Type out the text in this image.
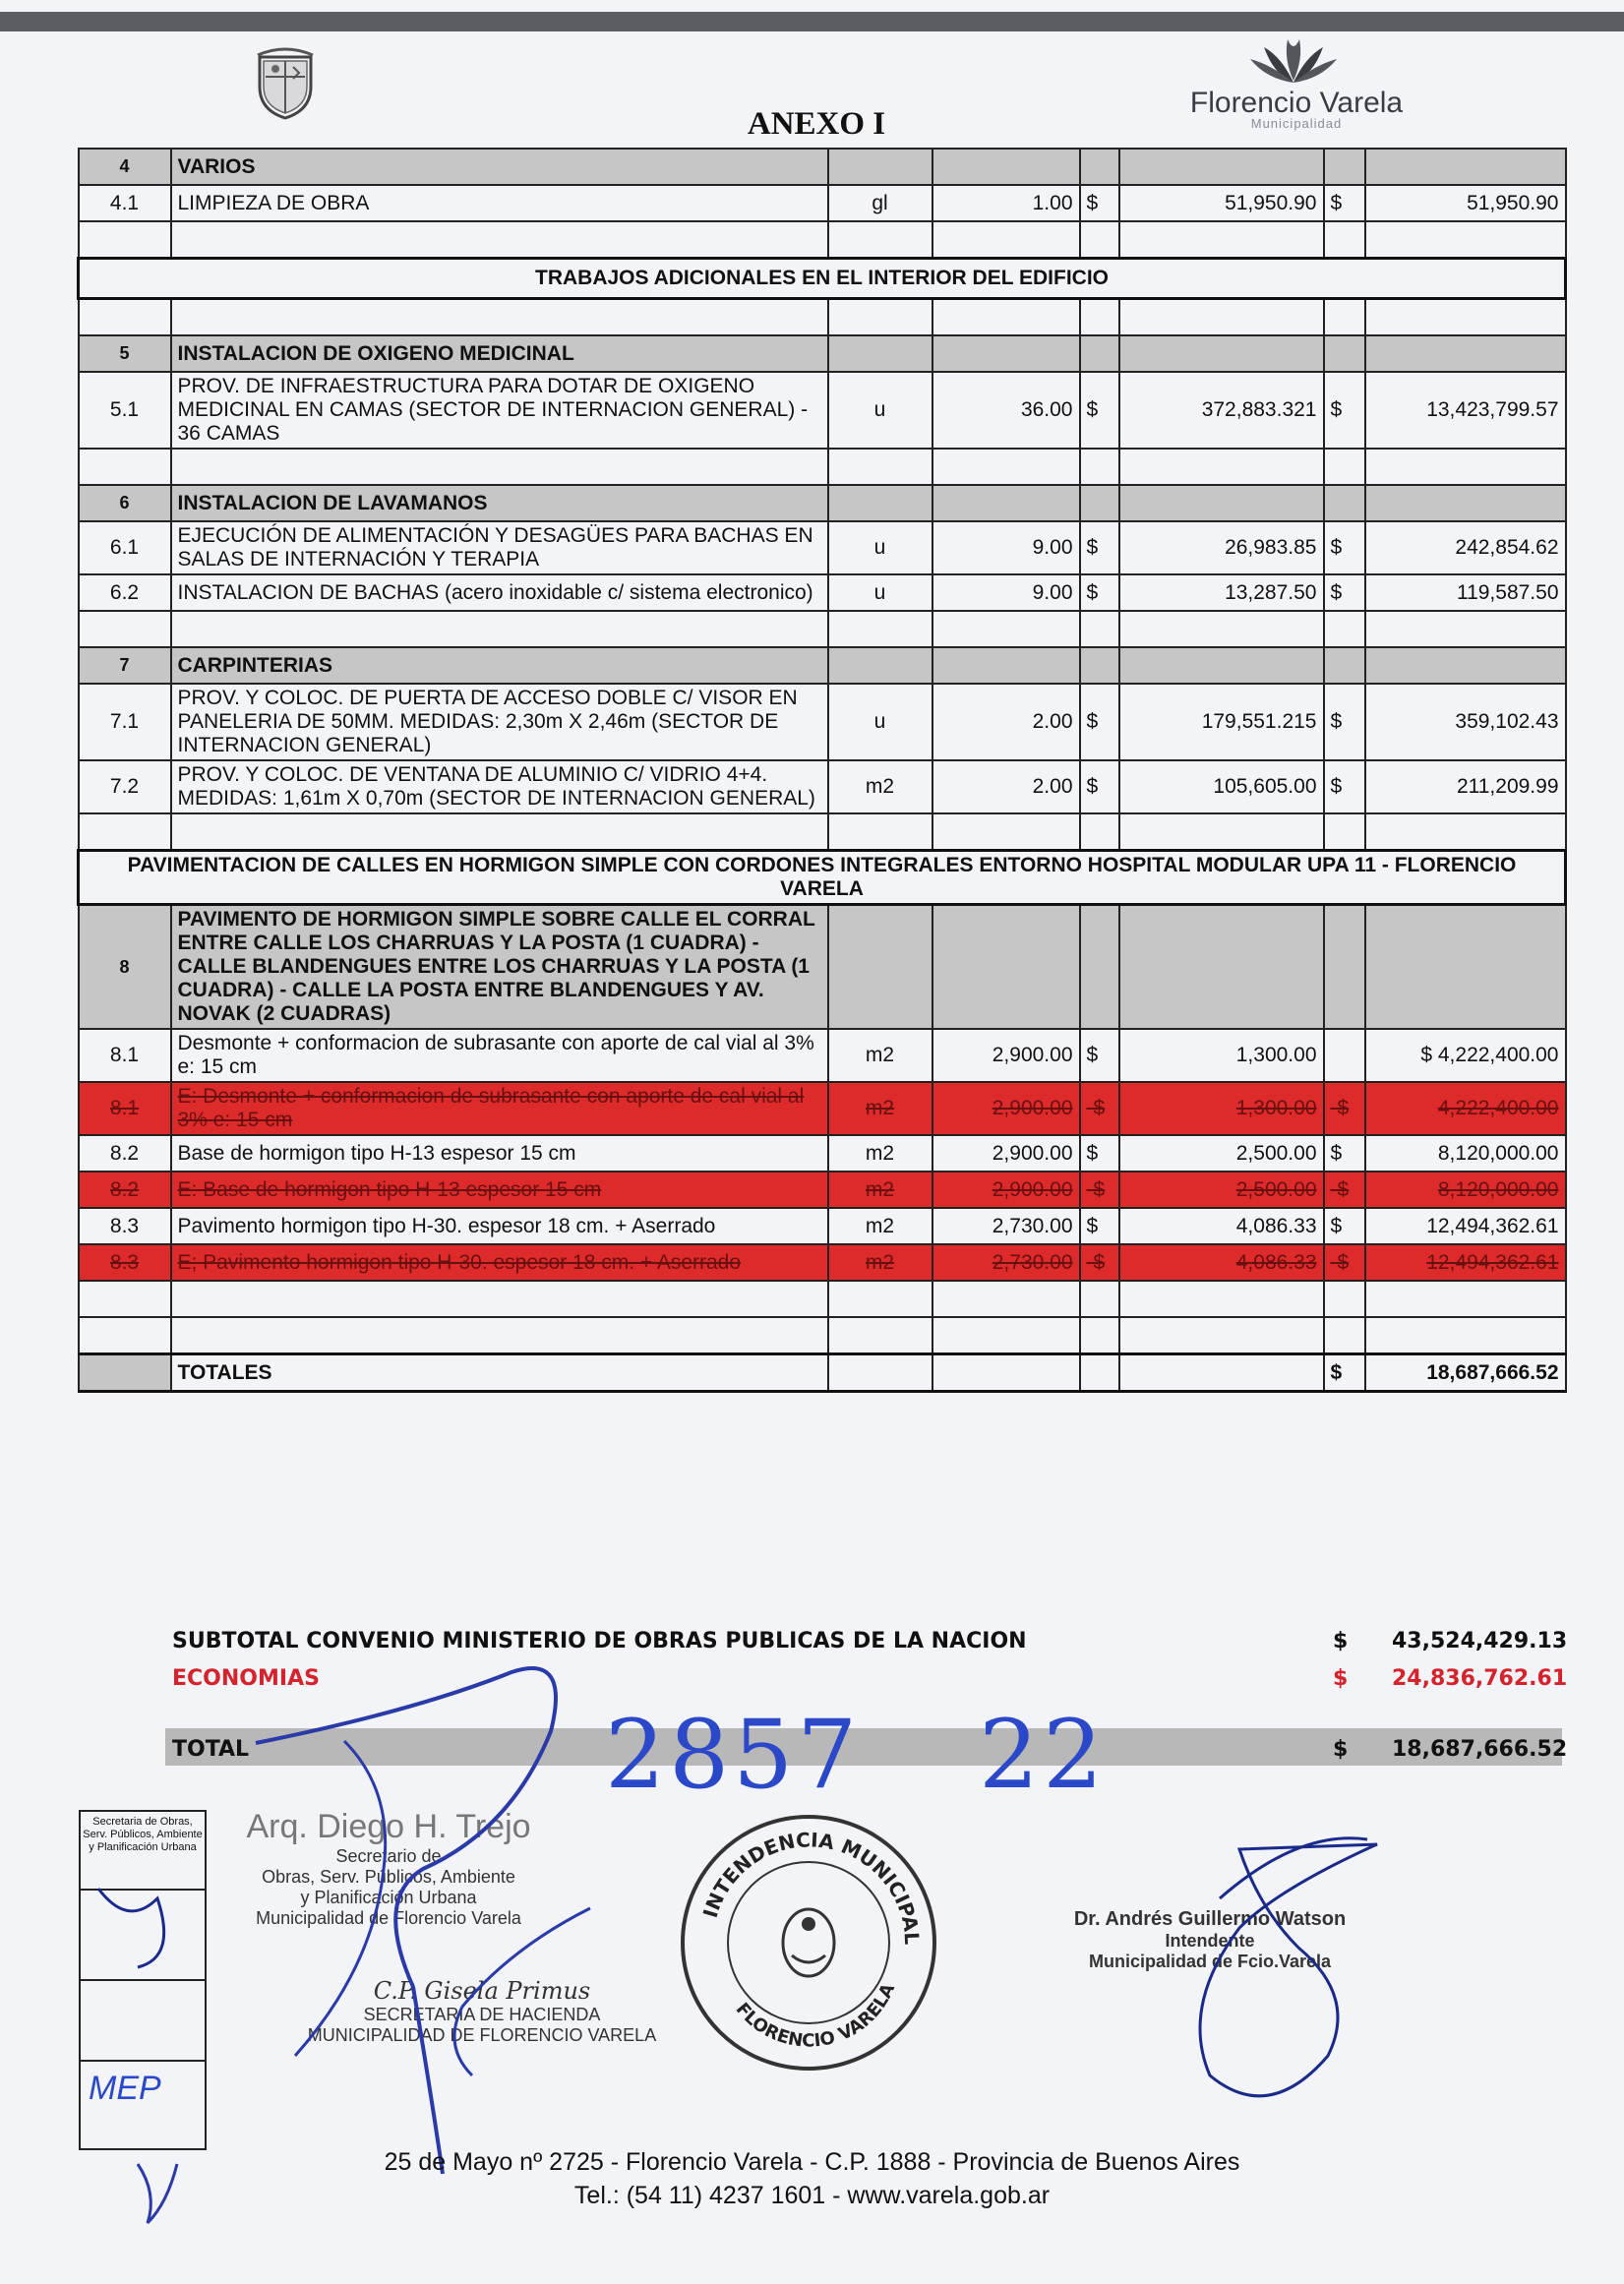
Florencio Varela
Municipalidad
ANEXO I
4	VARIOS						
4.1	LIMPIEZA DE OBRA	gl	1.00	$	51,950.90	$	51,950.90

TRABAJOS ADICIONALES EN EL INTERIOR DEL EDIFICIO							

5	INSTALACION DE OXIGENO MEDICINAL						
5.1	PROV. DE INFRAESTRUCTURA PARA DOTAR DE OXIGENO MEDICINAL EN CAMAS (SECTOR DE INTERNACION GENERAL) - 36 CAMAS	u	36.00	$	372,883.321	$	13,423,799.57

6	INSTALACION DE LAVAMANOS						
6.1	EJECUCIÓN DE ALIMENTACIÓN Y DESAGÜES PARA BACHAS EN SALAS DE INTERNACIÓN Y TERAPIA	u	9.00	$	26,983.85	$	242,854.62
6.2	INSTALACION DE BACHAS (acero inoxidable c/ sistema electronico)	u	9.00	$	13,287.50	$	119,587.50

7	CARPINTERIAS						
7.1	PROV. Y COLOC. DE PUERTA DE ACCESO DOBLE C/ VISOR EN PANELERIA DE 50MM. MEDIDAS: 2,30m X 2,46m (SECTOR DE INTERNACION GENERAL)	u	2.00	$	179,551.215	$	359,102.43
7.2	PROV. Y COLOC. DE VENTANA DE ALUMINIO C/ VIDRIO 4+4. MEDIDAS: 1,61m X 0,70m (SECTOR DE INTERNACION GENERAL)	m2	2.00	$	105,605.00	$	211,209.99

PAVIMENTACION DE CALLES EN HORMIGON SIMPLE CON CORDONES INTEGRALES ENTORNO HOSPITAL MODULAR UPA 11 - FLORENCIO VARELA							
8	PAVIMENTO DE HORMIGON SIMPLE SOBRE CALLE EL CORRAL ENTRE CALLE LOS CHARRUAS Y LA POSTA (1 CUADRA) - CALLE BLANDENGUES ENTRE LOS CHARRUAS Y LA POSTA (1 CUADRA) - CALLE LA POSTA ENTRE BLANDENGUES Y AV. NOVAK (2 CUADRAS)						
8.1	Desmonte + conformacion de subrasante con aporte de cal vial al 3% e: 15 cm	m2	2,900.00	$	1,300.00		$ 4,222,400.00
8.1	E: Desmonte + conformacion de subrasante con aporte de cal vial al 3% e: 15 cm	m2	2,900.00	-$	1,300.00	-$	4,222,400.00
8.2	Base de hormigon tipo H-13 espesor 15 cm	m2	2,900.00	$	2,500.00	$	8,120,000.00
8.2	E: Base de hormigon tipo H-13 espesor 15 cm	m2	2,900.00	-$	2,500.00	-$	8,120,000.00
8.3	Pavimento hormigon tipo H-30. espesor 18 cm. + Aserrado	m2	2,730.00	$	4,086.33	$	12,494,362.61
8.3	E; Pavimento hormigon tipo H-30. espesor 18 cm. + Aserrado	m2	2,730.00	-$	4,086.33	-$	12,494,362.61

	TOTALES					$	18,687,666.52
SUBTOTAL CONVENIO MINISTERIO DE OBRAS PUBLICAS DE LA NACION	$ 43,524,429.13
ECONOMIAS	$ 24,836,762.61
TOTAL	$ 18,687,666.52
2857 22
Secretaria de Obras, Serv. Públicos, Ambiente y Planificación Urbana
MEP
Arq. Diego H. Trejo
Secretario de
Obras, Serv. Públicos, Ambiente
y Planificación Urbana
Municipalidad de Florencio Varela
C.P. Gisela Primus
SECRETARIA DE HACIENDA
MUNICIPALIDAD DE FLORENCIO VARELA
INTENDENCIA MUNICIPAL
FLORENCIO VARELA
Dr. Andrés Guillermo Watson
Intendente
Municipalidad de Fcio.Varela
25 de Mayo nº 2725 - Florencio Varela - C.P. 1888 - Provincia de Buenos Aires
Tel.: (54 11) 4237 1601 - www.varela.gob.ar
